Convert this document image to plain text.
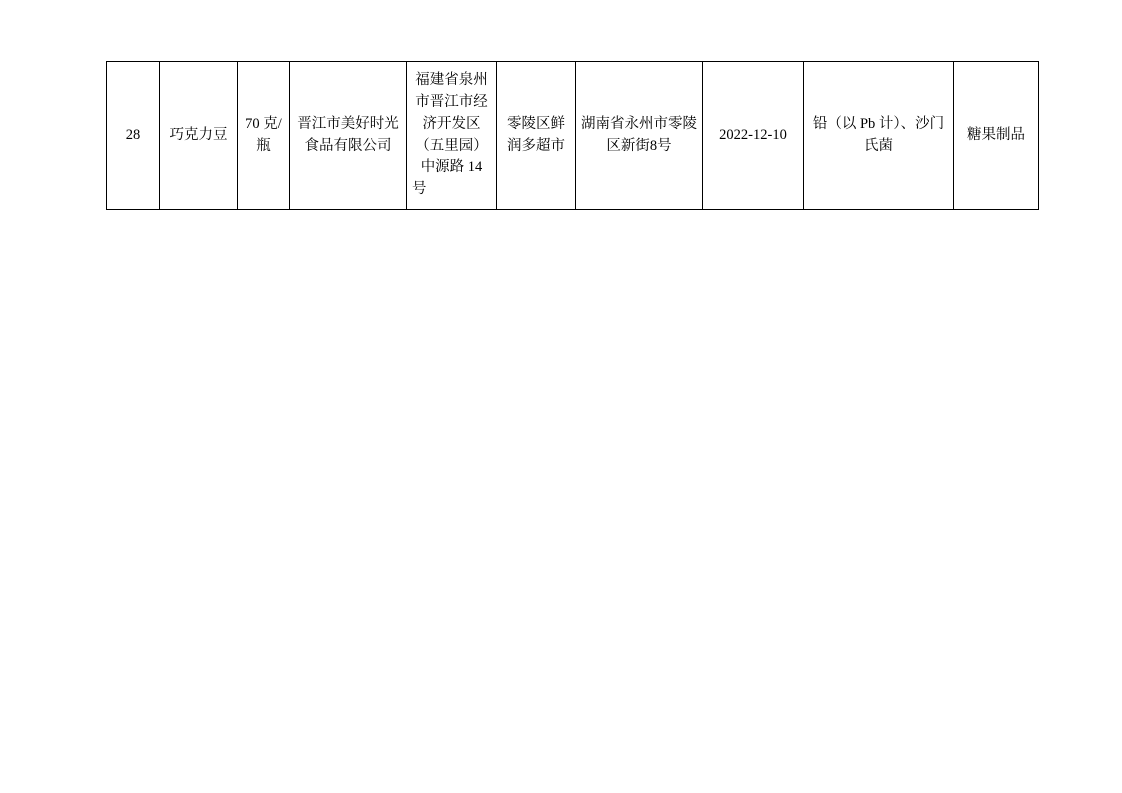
28	巧克力豆	70 克/瓶	晋江市美好时光食品有限公司	福建省泉州市晋江市经济开发区（五里园）中源路 14 号	零陵区鲜润多超市	湖南省永州市零陵区新街8号	2022-12-10	铅（以 Pb 计）、沙门氏菌	糖果制品
